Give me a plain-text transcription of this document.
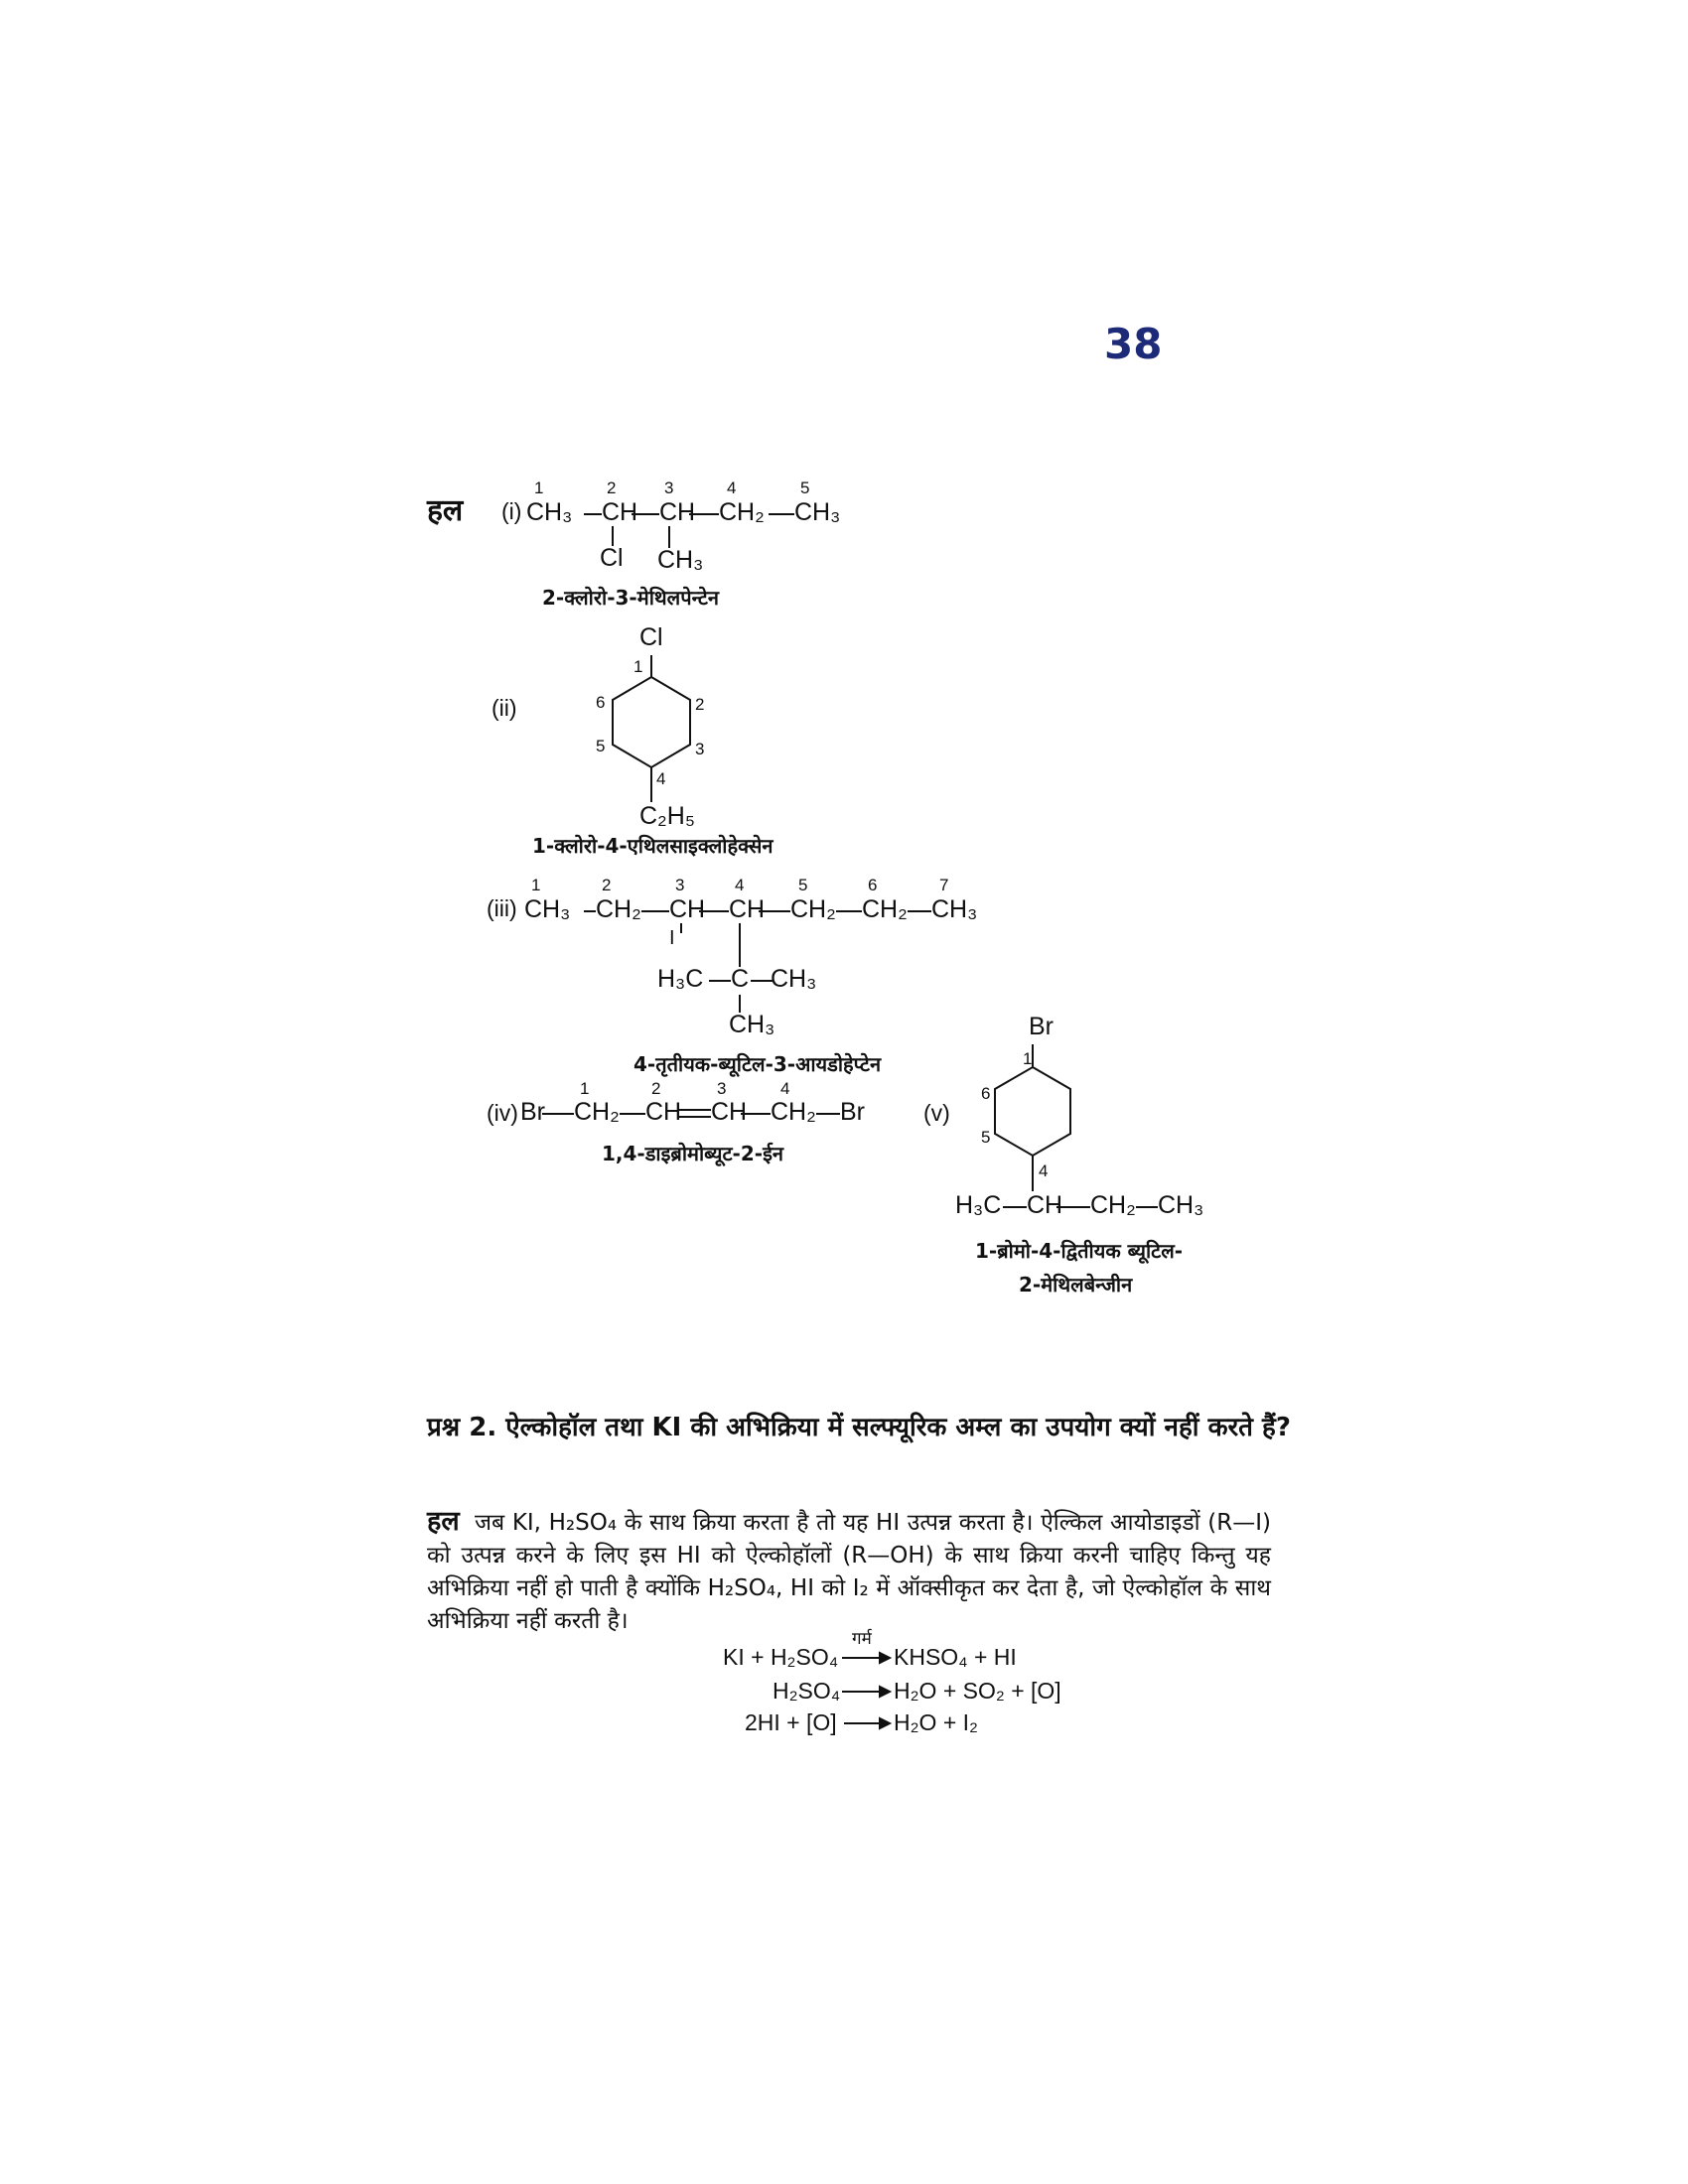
38
हल (i)
1	2	3	4	5
CH₃ CH CH CH₂ CH₃
Cl CH₃
2-क्लोरो-3-मेथिलपेन्टेन
(ii)
Cl
1
2
3
4
5
6
C₂H₅
1-क्लोरो-4-एथिलसाइक्लोहेक्सेन
(iii)
1	2	3	4	5	6	7
CH₃ CH₂ CH CH CH₂ CH₂ CH₃
I
H₃C C CH₃
CH₃
4-तृतीयक-ब्यूटिल-3-आयडोहेप्टेन
(iv)
1	2	3	4
Br CH₂ CH CH CH₂ Br
1,4-डाइब्रोमोब्यूट-2-ईन
(v)
Br
1
4
5
6
H₃C CH CH₂ CH₃
1-ब्रोमो-4-द्वितीयक ब्यूटिल-
2-मेथिलबेन्जीन
प्रश्न 2. ऐल्कोहॉल तथा KI की अभिक्रिया में सल्फ्यूरिक अम्ल का उपयोग क्यों नहीं करते हैं?

हल जब KI, H₂SO₄ के साथ क्रिया करता है तो यह HI उत्पन्न करता है। ऐल्किल आयोडाइडों (R—I) को उत्पन्न करने के लिए इस HI को ऐल्कोहॉलों (R—OH) के साथ क्रिया करनी चाहिए किन्तु यह अभिक्रिया नहीं हो पाती है क्योंकि H₂SO₄, HI को I₂ में ऑक्सीकृत कर देता है, जो ऐल्कोहॉल के साथ अभिक्रिया नहीं करती है।

KI + H₂SO₄
गर्म
KHSO₄ + HI
H₂SO₄ H₂O + SO₂ + [O]
2HI + [O] H₂O + I₂
